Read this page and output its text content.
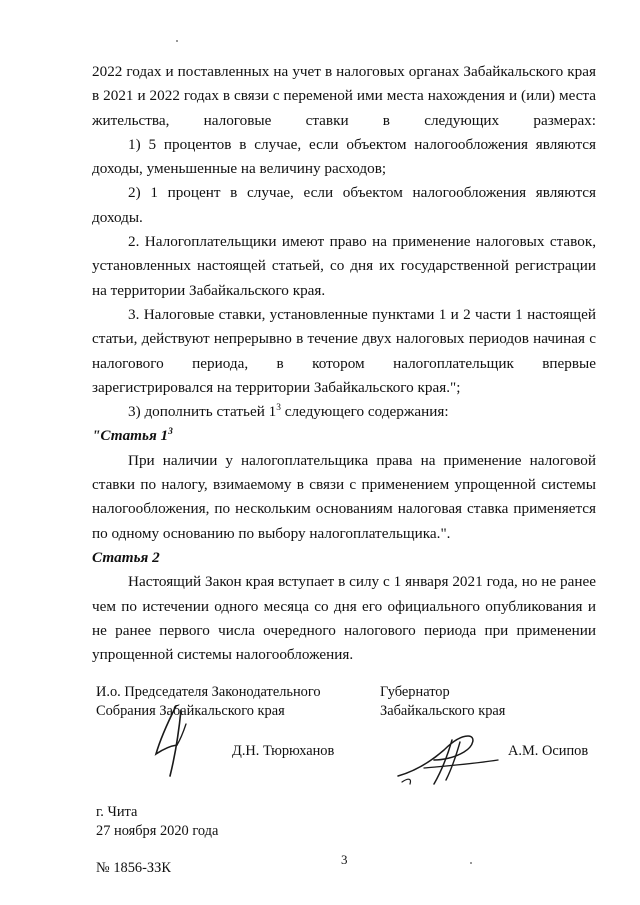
2022 годах и поставленных на учет в налоговых органах Забайкальского края в 2021 и 2022 годах в связи с переменой ими места нахождения и (или) места жительства, налоговые ставки в следующих размерах:

1) 5 процентов в случае, если объектом налогообложения являются доходы, уменьшенные на величину расходов;

2) 1 процент в случае, если объектом налогообложения являются доходы.

2. Налогоплательщики имеют право на применение налоговых ставок, установленных настоящей статьей, со дня их государственной регистрации на территории Забайкальского края.

3. Налоговые ставки, установленные пунктами 1 и 2 части 1 настоящей статьи, действуют непрерывно в течение двух налоговых периодов начиная с налогового периода, в котором налогоплательщик впервые зарегистрировался на территории Забайкальского края.";

3) дополнить статьей $1^3$ следующего содержания:

"Статья $1^3$

При наличии у налогоплательщика права на применение налоговой ставки по налогу, взимаемому в связи с применением упрощенной системы налогообложения, по нескольким основаниям налоговая ставка применяется по одному основанию по выбору налогоплательщика.".

Статья 2

Настоящий Закон края вступает в силу с 1 января 2021 года, но не ранее чем по истечении одного месяца со дня его официального опубликования и не ранее первого числа очередного налогового периода при применении упрощенной системы налогообложения.

И.о. Председателя Законодательного
Собрания Забайкальского края
Губернатор
Забайкальского края
Д.Н. Тюрюханов	А.М. Осипов
г. Чита
27 ноября 2020 года
3
№ 1856-ЗЗК
